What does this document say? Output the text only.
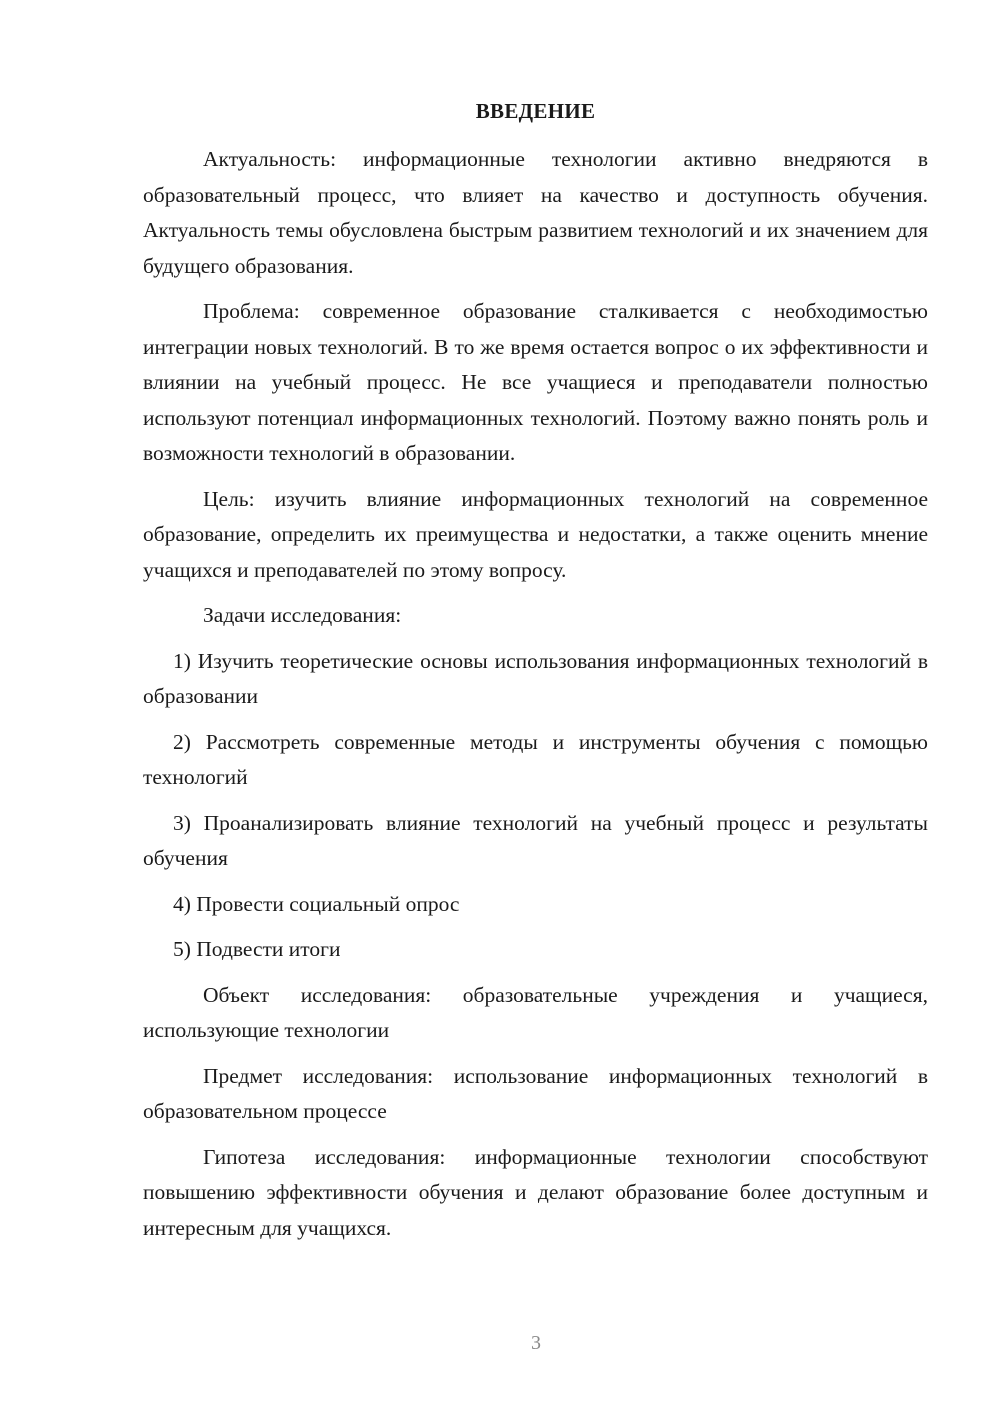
ВВЕДЕНИЕ

Актуальность: информационные технологии активно внедряются в образовательный процесс, что влияет на качество и доступность обучения. Актуальность темы обусловлена быстрым развитием технологий и их значением для будущего образования.

Проблема: современное образование сталкивается с необходимостью интеграции новых технологий. В то же время остается вопрос о их эффективности и влиянии на учебный процесс. Не все учащиеся и преподаватели полностью используют потенциал информационных технологий. Поэтому важно понять роль и возможности технологий в образовании.

Цель: изучить влияние информационных технологий на современное образование, определить их преимущества и недостатки, а также оценить мнение учащихся и преподавателей по этому вопросу.

Задачи исследования:

1) Изучить теоретические основы использования информационных технологий в образовании

2) Рассмотреть современные методы и инструменты обучения с помощью технологий

3) Проанализировать влияние технологий на учебный процесс и результаты обучения

4) Провести социальный опрос

5) Подвести итоги

Объект исследования: образовательные учреждения и учащиеся, использующие технологии

Предмет исследования: использование информационных технологий в образовательном процессе

Гипотеза исследования: информационные технологии способствуют повышению эффективности обучения и делают образование более доступным и интересным для учащихся.

3
